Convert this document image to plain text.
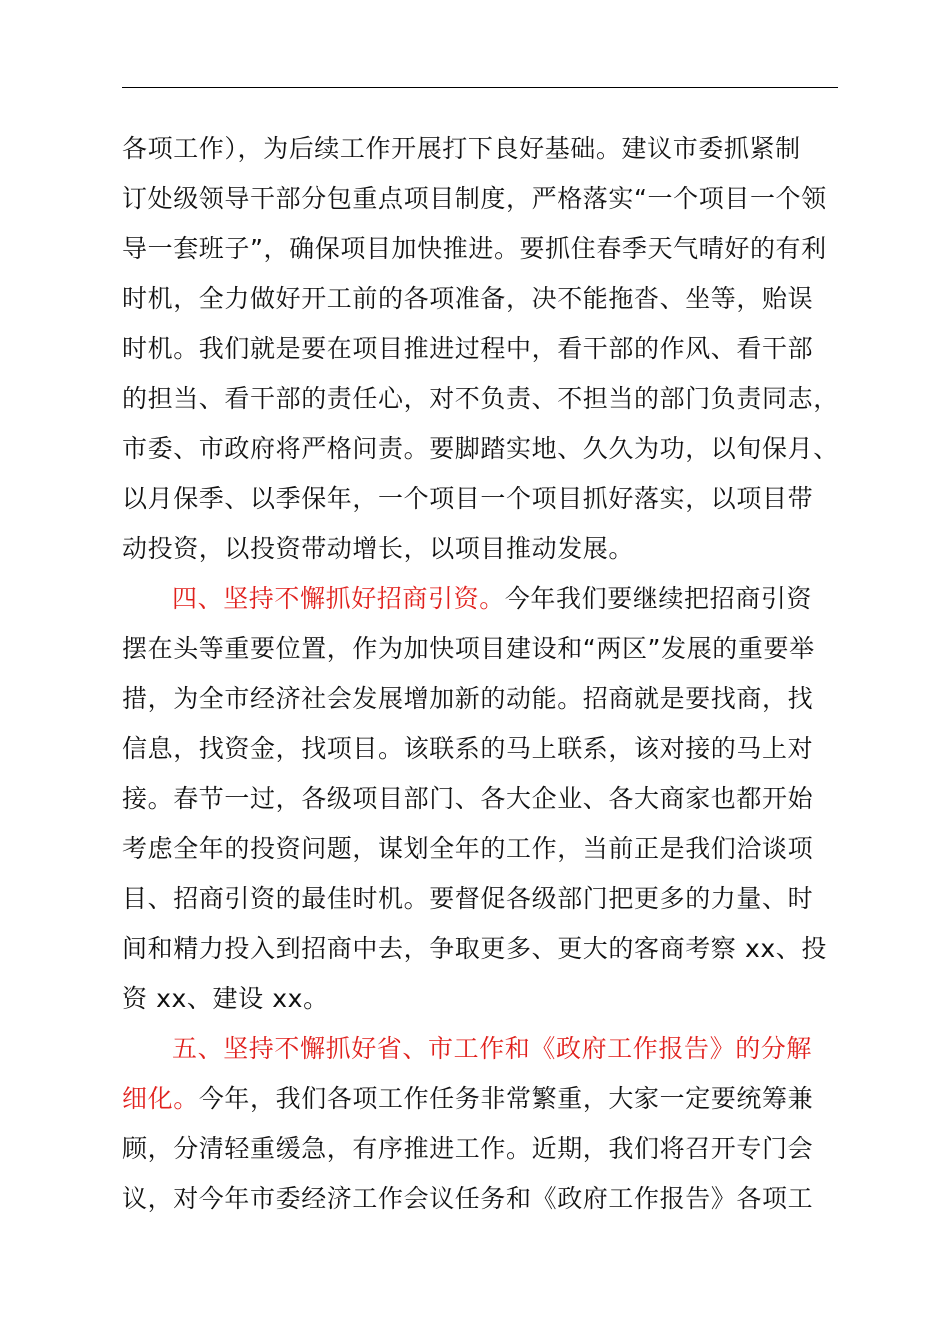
各项工作），为后续工作开展打下良好基础。建议市委抓紧制
订处级领导干部分包重点项目制度，严格落实“一个项目一个领
导一套班子”，确保项目加快推进。要抓住春季天气晴好的有利
时机，全力做好开工前的各项准备，决不能拖沓、坐等，贻误
时机。我们就是要在项目推进过程中，看干部的作风、看干部
的担当、看干部的责任心，对不负责、不担当的部门负责同志，
市委、市政府将严格问责。要脚踏实地、久久为功，以旬保月、
以月保季、以季保年，一个项目一个项目抓好落实，以项目带
动投资，以投资带动增长，以项目推动发展。
四、坚持不懈抓好招商引资。今年我们要继续把招商引资
摆在头等重要位置，作为加快项目建设和“两区”发展的重要举
措，为全市经济社会发展增加新的动能。招商就是要找商，找
信息，找资金，找项目。该联系的马上联系，该对接的马上对
接。春节一过，各级项目部门、各大企业、各大商家也都开始
考虑全年的投资问题，谋划全年的工作，当前正是我们洽谈项
目、招商引资的最佳时机。要督促各级部门把更多的力量、时
间和精力投入到招商中去，争取更多、更大的客商考察 xx、投
资 xx、建设 xx。
五、坚持不懈抓好省、市工作和《政府工作报告》的分解
细化。今年，我们各项工作任务非常繁重，大家一定要统筹兼
顾，分清轻重缓急，有序推进工作。近期，我们将召开专门会
议，对今年市委经济工作会议任务和《政府工作报告》各项工
